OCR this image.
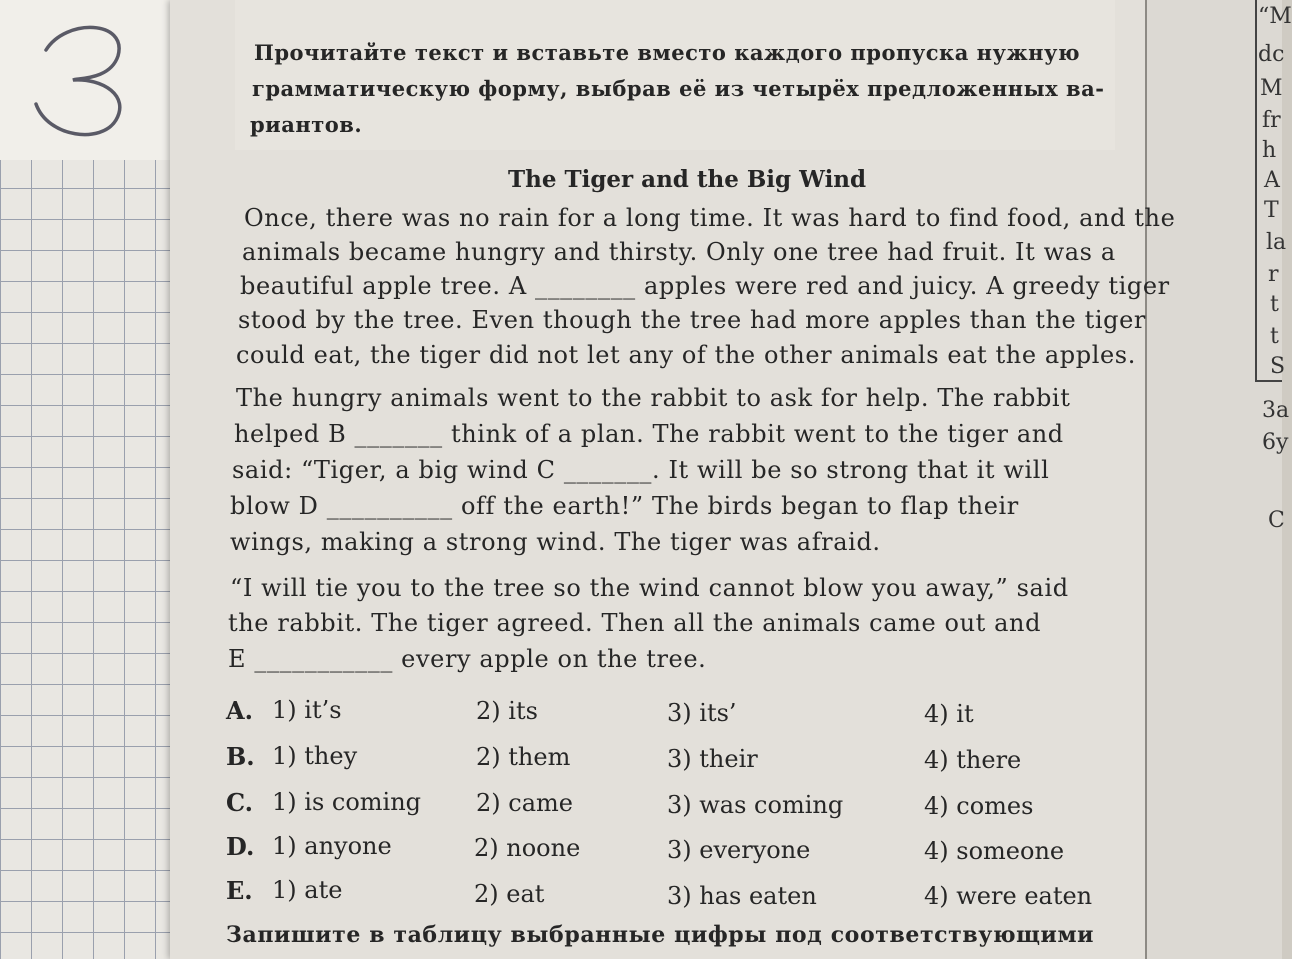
“M
dc
M
fr
h
A
T
la
r
t
t
S
3a
6y
C
Прочитайте текст и вставьте вместо каждого пропуска нужную
грамматическую форму, выбрав её из четырёх предложенных ва-
риантов.
The Tiger and the Big Wind
Once, there was no rain for a long time. It was hard to find food, and the
animals became hungry and thirsty. Only one tree had fruit. It was a
beautiful apple tree. A ________ apples were red and juicy. A greedy tiger
stood by the tree. Even though the tree had more apples than the tiger
could eat, the tiger did not let any of the other animals eat the apples.
The hungry animals went to the rabbit to ask for help. The rabbit
helped B _______ think of a plan. The rabbit went to the tiger and
said: “Tiger, a big wind C _______. It will be so strong that it will
blow D __________ off the earth!” The birds began to flap their
wings, making a strong wind. The tiger was afraid.
“I will tie you to the tree so the wind cannot blow you away,” said
the rabbit. The tiger agreed. Then all the animals came out and
E ___________ every apple on the tree.
A. 1) it’s	2) its	3) its’	4) it
B. 1) they	2) them	3) their	4) there
C. 1) is coming 2) came	3) was coming	4) comes
D. 1) anyone	2) noone	3) everyone	4) someone
E. 1) ate	2) eat	3) has eaten	4) were eaten
Запишите в таблицу выбранные цифры под соответствующими
